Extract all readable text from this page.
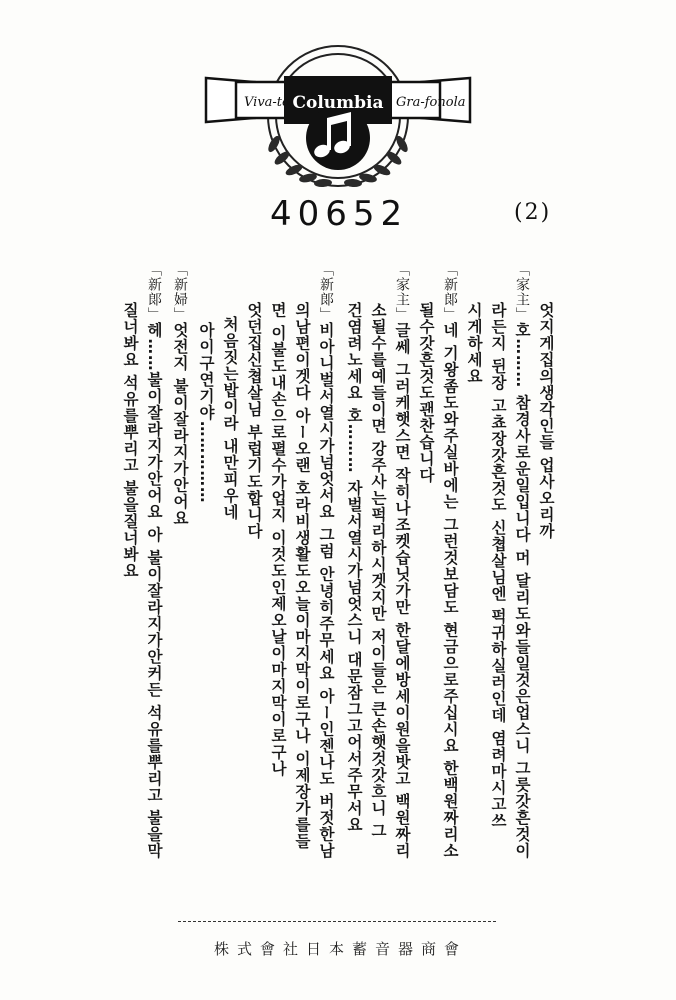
Viva-tonal
Columbia Gra-fonola
40652	(2)
엇지게집의생각인들 업사오리까
「家主」호……… 참경사로운일입니다 머 달리도와들일것은업스니 그릇갓흔것이
라든지 뒨장 고쵸장갓흔것도 신쳡살님엔 퍽귀하실러인데 염려마시고쓰
시게하세요
「新郞」네 기왕좀도와주실바에는 그런것보담도 현금으로주십시요 한백원짜리소
될수갓흔것도괜찬습니다
「家主」글쎄 그러케햇스면 작히나조켓습닛가만 한달에방세이원을밧고 백원짜리
소될수를예들이면 강주사는퍽리하시겟지만 저이들은 큰손햇것갓흐니 그
건염려노세요 호……… 자벌서열시가넘엇스니 대문잠그고어서주무서요
「新郞」비아니벌서열시가넘엇서요 그럼 안녕히주무세요 아ー인젠나도 버젓한남
의남편이겟다 아ー오랜 호라비생활도오늘이마지막이로구나 이제장가를들
면 이불도내손으로펼수가업지 이것도인제오날이마지막이로구나
엇던집신쳡살님 부럽기도합니다
처음짓는밥이라 내만피우네
아이구연기야……………
「新婦」엇전지 불이잘라지가안어요
「新郞」헤……불이잘라지가안어요 아 불이잘라지가안커든 석유를뿌리고 불을막
질너봐요 석유를뿌리고 불을질너봐요
株式會社日本蓄音器商會
